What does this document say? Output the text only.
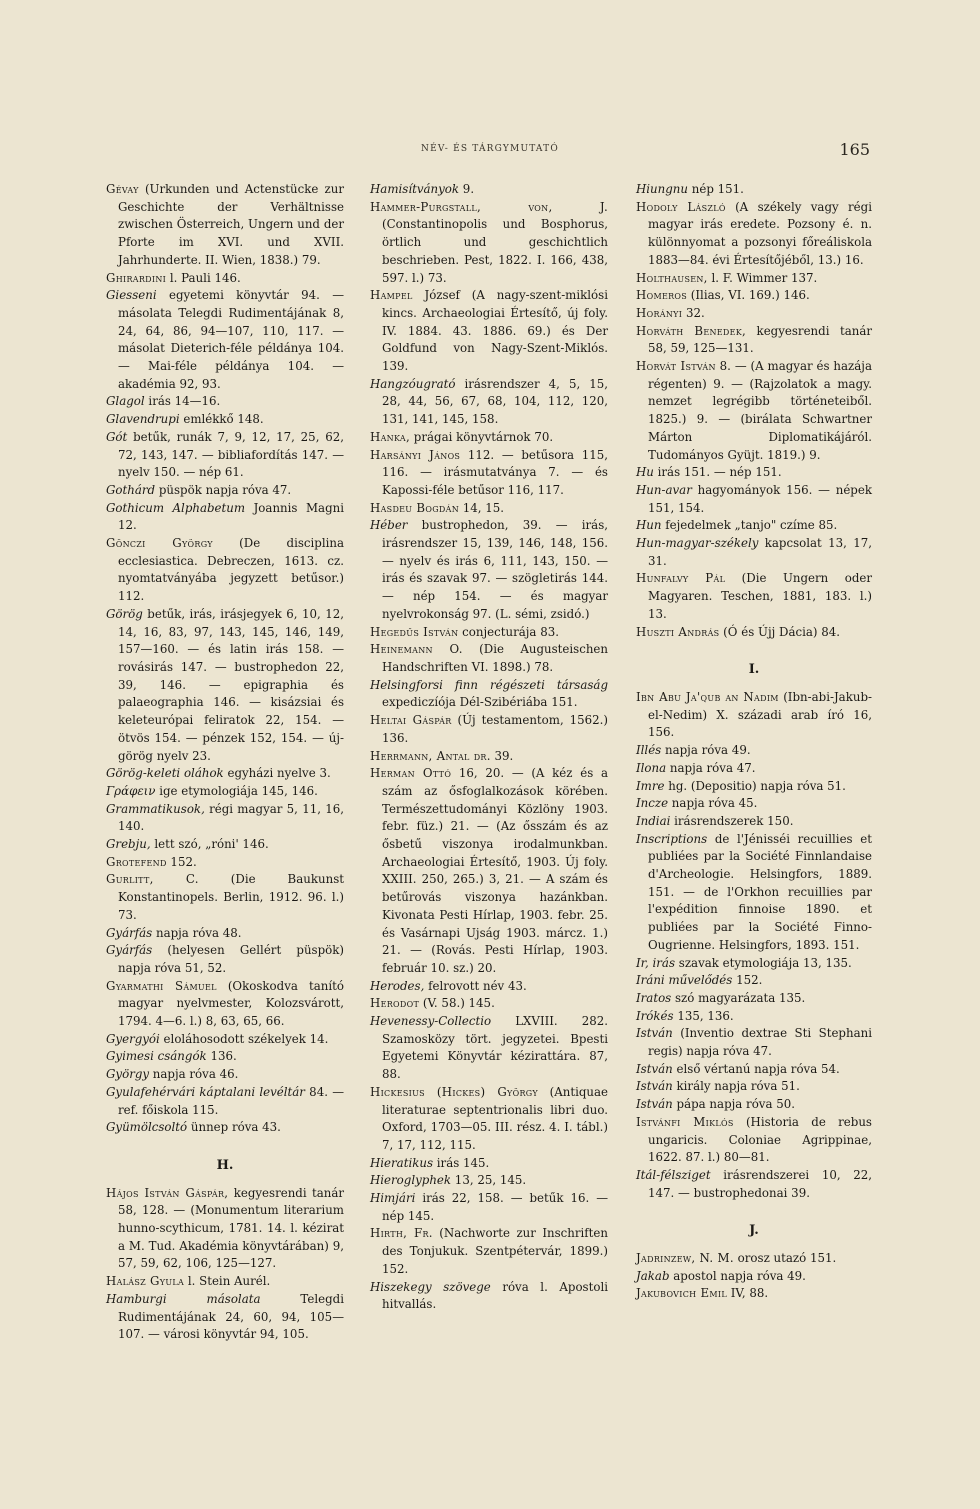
NÉV- ÉS TÁRGYMUTATÓ	165

Gévay (Urkunden und Actenstücke zur Geschichte der Verhältnisse zwischen Österreich, Ungern und der Pforte im XVI. und XVII. Jahrhunderte. II. Wien, 1838.) 79.

Ghirardini l. Pauli 146.

Giesseni egyetemi könyvtár 94. — másolata Telegdi Rudimentájának 8, 24, 64, 86, 94—107, 110, 117. — másolat Dieterich-féle példánya 104. — Mai-féle példánya 104. — akadémia 92, 93.

Glagol irás 14—16.

Glavendrupi emlékkő 148.

Gót betűk, runák 7, 9, 12, 17, 25, 62, 72, 143, 147. — bibliafordítás 147. — nyelv 150. — nép 61.

Gothárd püspök napja róva 47.

Gothicum Alphabetum Joannis Magni 12.

Gönczi György (De disciplina ecclesiastica. Debreczen, 1613. cz. nyomtatványába jegyzett betűsor.) 112.

Görög betűk, irás, irásjegyek 6, 10, 12, 14, 16, 83, 97, 143, 145, 146, 149, 157—160. — és latin irás 158. — rovásirás 147. — bustrophedon 22, 39, 146. — epigraphia és palaeographia 146. — kisázsiai és keleteurópai feliratok 22, 154. — ötvös 154. — pénzek 152, 154. — új-görög nyelv 23.

Görög-keleti oláhok egyházi nyelve 3.

Γράφειν ige etymologiája 145, 146.

Grammatikusok, régi magyar 5, 11, 16, 140.

Grebju, lett szó, „róni' 146.

Grotefend 152.

Gurlitt, C. (Die Baukunst Konstantinopels. Berlin, 1912. 96. l.) 73.

Gyárfás napja róva 48.

Gyárfás (helyesen Gellért püspök) napja róva 51, 52.

Gyarmathi Sámuel (Okoskodva tanító magyar nyelvmester, Kolozsvárott, 1794. 4—6. l.) 8, 63, 65, 66.

Gyergyói eloláhosodott székelyek 14.

Gyimesi csángók 136.

György napja róva 46.

Gyulafehérvári káptalani levéltár 84. — ref. főiskola 115.

Gyümölcsoltó ünnep róva 43.

H.

Hájos István Gáspár, kegyesrendi tanár 58, 128. — (Monumentum literarium hunno-scythicum, 1781. 14. l. kézirat a M. Tud. Akadémia könyvtárában) 9, 57, 59, 62, 106, 125—127.

Halász Gyula l. Stein Aurél.

Hamburgi másolata Telegdi Rudimentájának 24, 60, 94, 105—107. — városi könyvtár 94, 105.

Hamisítványok 9.

Hammer-Purgstall, von, J. (Constantinopolis und Bosphorus, örtlich und geschichtlich beschrieben. Pest, 1822. I. 166, 438, 597. l.) 73.

Hampel József (A nagy-szent-miklósi kincs. Archaeologiai Értesítő, új foly. IV. 1884. 43. 1886. 69.) és Der Goldfund von Nagy-Szent-Miklós. 139.

Hangzóugrató irásrendszer 4, 5, 15, 28, 44, 56, 67, 68, 104, 112, 120, 131, 141, 145, 158.

Hanka, prágai könyvtárnok 70.

Harsányi János 112. — betűsora 115, 116. — irásmutatványa 7. — és Kapossi-féle betűsor 116, 117.

Hasdeu Bogdán 14, 15.

Héber bustrophedon, 39. — irás, irásrendszer 15, 139, 146, 148, 156. — nyelv és irás 6, 111, 143, 150. — irás és szavak 97. — szögletirás 144. — nép 154. — és magyar nyelvrokonság 97. (L. sémi, zsidó.)

Hegedűs István conjecturája 83.

Heinemann O. (Die Augusteischen Handschriften VI. 1898.) 78.

Helsingforsi finn régészeti társaság expediczíója Dél-Szibériába 151.

Heltai Gáspár (Új testamentom, 1562.) 136.

Herrmann, Antal dr. 39.

Herman Ottó 16, 20. — (A kéz és a szám az ősfoglalkozások körében. Természettudományi Közlöny 1903. febr. füz.) 21. — (Az ősszám és az ősbetű viszonya irodalmunkban. Archaeologiai Értesítő, 1903. Új foly. XXIII. 250, 265.) 3, 21. — A szám és betűrovás viszonya hazánkban. Kivonata Pesti Hírlap, 1903. febr. 25. és Vasárnapi Ujság 1903. márcz. 1.) 21. — (Rovás. Pesti Hírlap, 1903. február 10. sz.) 20.

Herodes, felrovott név 43.

Herodot (V. 58.) 145.

Hevenessy-Collectio LXVIII. 282. Szamosközy tört. jegyzetei. Bpesti Egyetemi Könyvtár kézirattára. 87, 88.

Hickesius (Hickes) György (Antiquae literaturae septentrionalis libri duo. Oxford, 1703—05. III. rész. 4. I. tábl.) 7, 17, 112, 115.

Hieratikus irás 145.

Hieroglyphek 13, 25, 145.

Himjári irás 22, 158. — betűk 16. — nép 145.

Hirth, Fr. (Nachworte zur Inschriften des Tonjukuk. Szentpétervár, 1899.) 152.

Hiszekegy szövege róva l. Apostoli hitvallás.

Hiungnu nép 151.

Hodoly László (A székely vagy régi magyar irás eredete. Pozsony é. n. különnyomat a pozsonyi főreáliskola 1883—84. évi Értesítőjéből, 13.) 16.

Holthausen, l. F. Wimmer 137.

Homeros (Ilias, VI. 169.) 146.

Horányi 32.

Horváth Benedek, kegyesrendi tanár 58, 59, 125—131.

Horvát István 8. — (A magyar és hazája régenten) 9. — (Rajzolatok a magy. nemzet legrégibb történeteiből. 1825.) 9. — (birálata Schwartner Márton Diplomatikájáról. Tudományos Gyüjt. 1819.) 9.

Hu irás 151. — nép 151.

Hun-avar hagyományok 156. — népek 151, 154.

Hun fejedelmek „tanjo" czíme 85.

Hun-magyar-székely kapcsolat 13, 17, 31.

Hunfalvy Pál (Die Ungern oder Magyaren. Teschen, 1881, 183. l.) 13.

Huszti András (Ó és Újj Dácia) 84.

I.

Ibn Abu Ja'qub an Nadim (Ibn-abi-Jakub-el-Nedim) X. századi arab író 16, 156.

Illés napja róva 49.

Ilona napja róva 47.

Imre hg. (Depositio) napja róva 51.

Incze napja róva 45.

Indiai irásrendszerek 150.

Inscriptions de l'Jénisséi recuillies et publiées par la Société Finnlandaise d'Archeologie. Helsingfors, 1889. 151. — de l'Orkhon recuillies par l'expédition finnoise 1890. et publiées par la Société Finno-Ougrienne. Helsingfors, 1893. 151.

Ir, irás szavak etymologiája 13, 135.

Iráni művelődés 152.

Iratos szó magyarázata 135.

Irókés 135, 136.

István (Inventio dextrae Sti Stephani regis) napja róva 47.

István első vértanú napja róva 54.

István király napja róva 51.

István pápa napja róva 50.

Istvánfi Miklós (Historia de rebus ungaricis. Coloniae Agrippinae, 1622. 87. l.) 80—81.

Itál-félsziget irásrendszerei 10, 22, 147. — bustrophedonai 39.

J.

Jadrinzew, N. M. orosz utazó 151.

Jakab apostol napja róva 49.

Jakubovich Emil IV, 88.
